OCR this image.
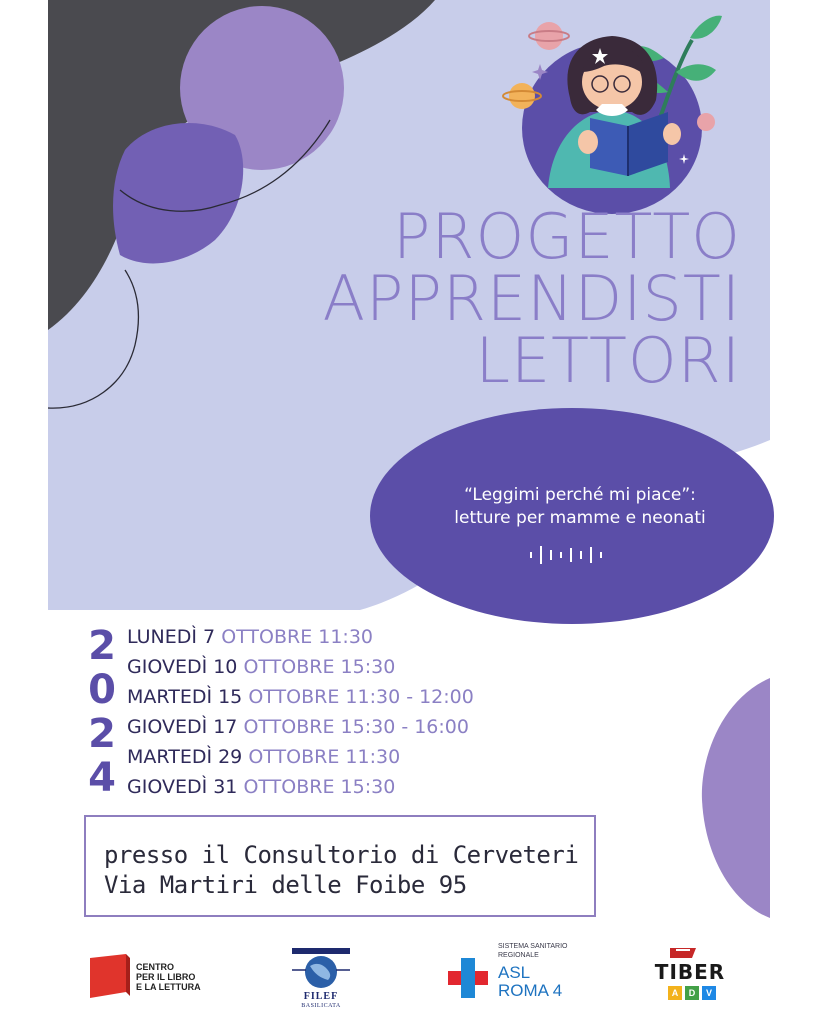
PROGETTO
APPRENDISTI
LETTORI
“Leggimi perché mi piace”:
letture per mamme e neonati
2
0
2
4
LUNEDÌ 7 OTTOBRE 11:30
GIOVEDÌ 10 OTTOBRE 15:30
MARTEDÌ 15 OTTOBRE 11:30 - 12:00
GIOVEDÌ 17 OTTOBRE 15:30 - 16:00
MARTEDÌ 29 OTTOBRE 11:30
GIOVEDÌ 31 OTTOBRE 15:30
presso il Consultorio di Cerveteri
Via Martiri delle Foibe 95
CENTRO
PER IL LIBRO
E LA LETTURA
FILEF
BASILICATA
SISTEMA SANITARIO
REGIONALE
ASL
ROMA 4
TIBER
A	D	V
